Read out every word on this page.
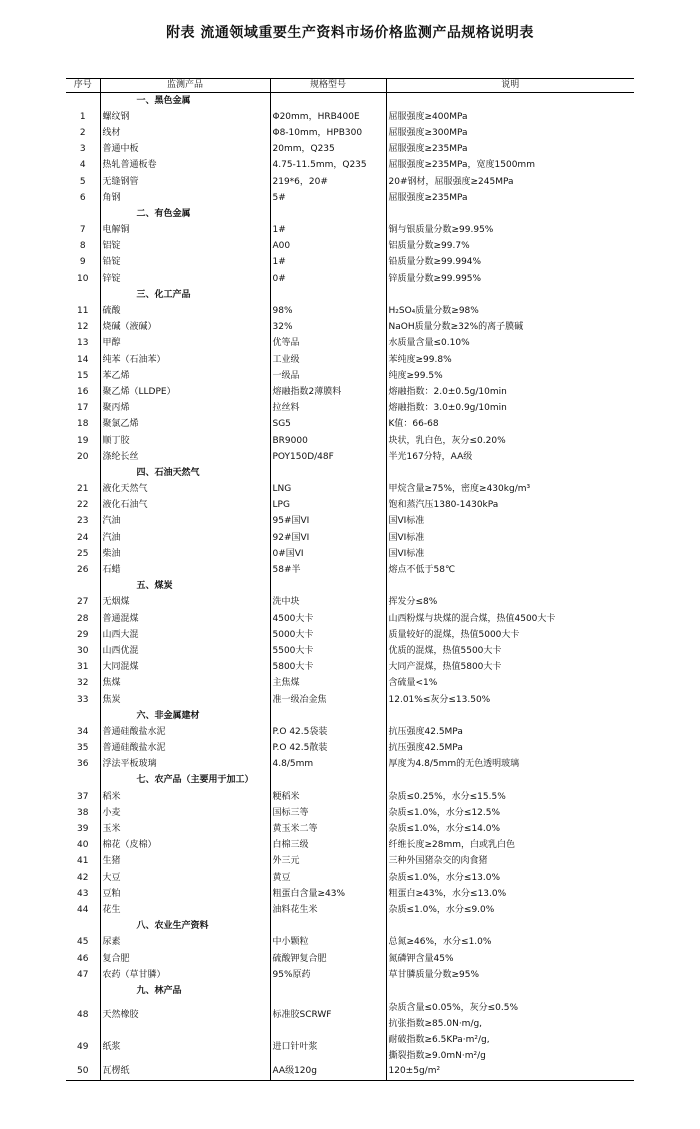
附表 流通领域重要生产资料市场价格监测产品规格说明表
序号	监测产品	规格型号	说明
	一、黑色金属		
1	螺纹钢	Φ20mm，HRB400E	屈服强度≥400MPa
2	线材	Φ8-10mm，HPB300	屈服强度≥300MPa
3	普通中板	20mm，Q235	屈服强度≥235MPa
4	热轧普通板卷	4.75-11.5mm，Q235	屈服强度≥235MPa，宽度1500mm
5	无缝钢管	219*6，20#	20#钢材，屈服强度≥245MPa
6	角钢	5#	屈服强度≥235MPa
	二、有色金属		
7	电解铜	1#	铜与银质量分数≥99.95%
8	铝锭	A00	铝质量分数≥99.7%
9	铅锭	1#	铅质量分数≥99.994%
10	锌锭	0#	锌质量分数≥99.995%
	三、化工产品		
11	硫酸	98%	H₂SO₄质量分数≥98%
12	烧碱（液碱）	32%	NaOH质量分数≥32%的离子膜碱
13	甲醇	优等品	水质量含量≤0.10%
14	纯苯（石油苯）	工业级	苯纯度≥99.8%
15	苯乙烯	一级品	纯度≥99.5%
16	聚乙烯（LLDPE）	熔融指数2薄膜料	熔融指数：2.0±0.5g/10min
17	聚丙烯	拉丝料	熔融指数：3.0±0.9g/10min
18	聚氯乙烯	SG5	K值：66-68
19	顺丁胶	BR9000	块状，乳白色，灰分≤0.20%
20	涤纶长丝	POY150D/48F	半光167分特，AA级
	四、石油天然气		
21	液化天然气	LNG	甲烷含量≥75%，密度≥430kg/m³
22	液化石油气	LPG	饱和蒸汽压1380-1430kPa
23	汽油	95#国VI	国VI标准
24	汽油	92#国VI	国VI标准
25	柴油	0#国VI	国VI标准
26	石蜡	58#半	熔点不低于58℃
	五、煤炭		
27	无烟煤	洗中块	挥发分≤8%
28	普通混煤	4500大卡	山西粉煤与块煤的混合煤，热值4500大卡
29	山西大混	5000大卡	质量较好的混煤，热值5000大卡
30	山西优混	5500大卡	优质的混煤，热值5500大卡
31	大同混煤	5800大卡	大同产混煤，热值5800大卡
32	焦煤	主焦煤	含硫量<1%
33	焦炭	准一级冶金焦	12.01%≤灰分≤13.50%
	六、非金属建材		
34	普通硅酸盐水泥	P.O 42.5袋装	抗压强度42.5MPa
35	普通硅酸盐水泥	P.O 42.5散装	抗压强度42.5MPa
36	浮法平板玻璃	4.8/5mm	厚度为4.8/5mm的无色透明玻璃
	七、农产品（主要用于加工）		
37	稻米	粳稻米	杂质≤0.25%，水分≤15.5%
38	小麦	国标三等	杂质≤1.0%，水分≤12.5%
39	玉米	黄玉米二等	杂质≤1.0%，水分≤14.0%
40	棉花（皮棉）	白棉三级	纤维长度≥28mm，白或乳白色
41	生猪	外三元	三种外国猪杂交的肉食猪
42	大豆	黄豆	杂质≤1.0%，水分≤13.0%
43	豆粕	粗蛋白含量≥43%	粗蛋白≥43%，水分≤13.0%
44	花生	油料花生米	杂质≤1.0%，水分≤9.0%
	八、农业生产资料		
45	尿素	中小颗粒	总氮≥46%，水分≤1.0%
46	复合肥	硫酸钾复合肥	氮磷钾含量45%
47	农药（草甘膦）	95%原药	草甘膦质量分数≥95%
	九、林产品		
48	天然橡胶	标准胶SCRWF	杂质含量≤0.05%，灰分≤0.5%
抗张指数≥85.0N·m/g,

49	纸浆	进口针叶浆	耐破指数≥6.5KPa·m²/g,
撕裂指数≥9.0mN·m²/g

50	瓦楞纸	AA级120g	120±5g/m²
